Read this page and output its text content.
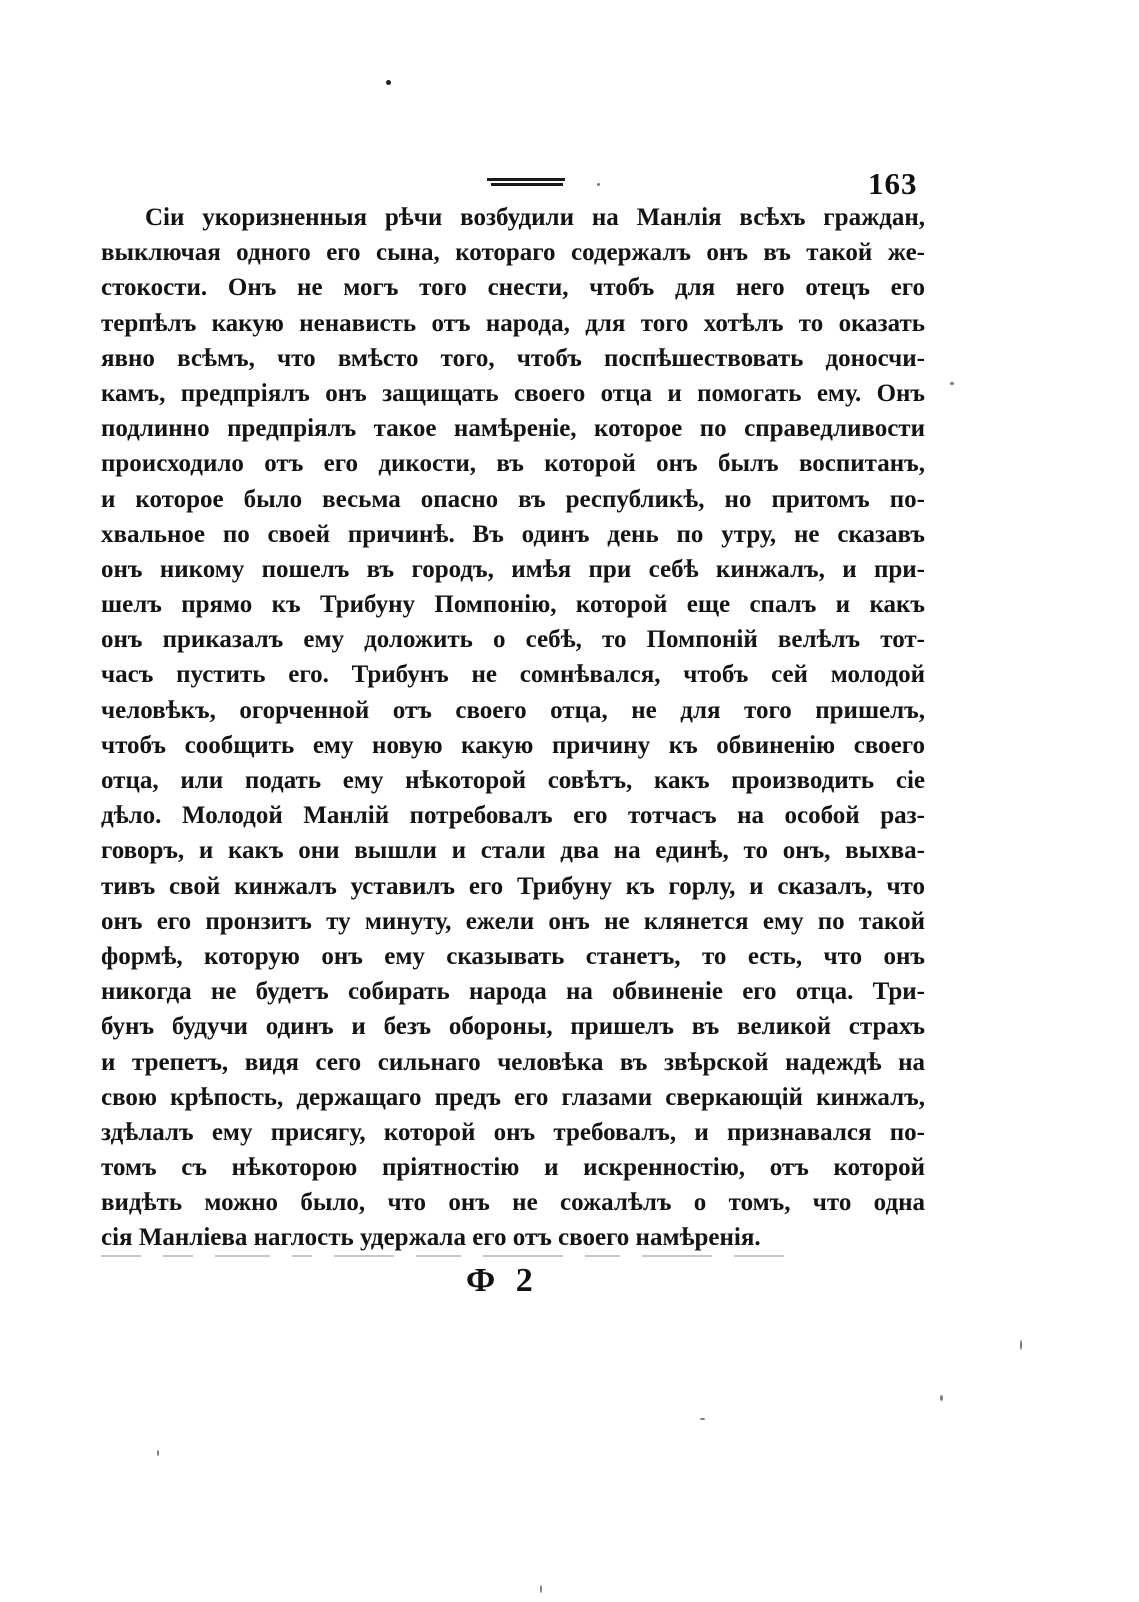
163
Сіи укоризненныя рѣчи возбудили на Манлія всѣхъ граждан,
выключая одного его сына, котораго содержалъ онъ въ такой же-
стокости. Онъ не могъ того снести, чтобъ для него отецъ его
терпѣлъ какую ненависть отъ народа, для того хотѣлъ то оказать
явно всѣмъ, что вмѣсто того, чтобъ поспѣшествовать доносчи-
камъ, предпріялъ онъ защищать своего отца и помогать ему. Онъ
подлинно предпріялъ такое намѣреніе, которое по справедливости
происходило отъ его дикости, въ которой онъ былъ воспитанъ,
и которое было весьма опасно въ республикѣ, но притомъ по-
хвальное по своей причинѣ. Въ одинъ день по утру, не сказавъ
онъ никому пошелъ въ городъ, имѣя при себѣ кинжалъ, и при-
шелъ прямо къ Трибуну Помпонію, которой еще спалъ и какъ
онъ приказалъ ему доложить о себѣ, то Помпоній велѣлъ тот-
часъ пустить его. Трибунъ не сомнѣвался, чтобъ сей молодой
человѣкъ, огорченной отъ своего отца, не для того пришелъ,
чтобъ сообщить ему новую какую причину къ обвиненію своего
отца, или подать ему нѣкоторой совѣтъ, какъ производить сіе
дѣло. Молодой Манлій потребовалъ его тотчасъ на особой раз-
говоръ, и какъ они вышли и стали два на единѣ, то онъ, выхва-
тивъ свой кинжалъ уставилъ его Трибуну къ горлу, и сказалъ, что
онъ его пронзитъ ту минуту, ежели онъ не клянется ему по такой
формѣ, которую онъ ему сказывать станетъ, то есть, что онъ
никогда не будетъ собирать народа на обвиненіе его отца. Три-
бунъ будучи одинъ и безъ обороны, пришелъ въ великой страхъ
и трепетъ, видя сего сильнаго человѣка въ звѣрской надеждѣ на
свою крѣпость, держащаго предъ его глазами сверкающій кинжалъ,
здѣлалъ ему присягу, которой онъ требовалъ, и признавался по-
томъ съ нѣкоторою пріятностію и искренностію, отъ которой
видѣть можно было, что онъ не сожалѣлъ о томъ, что одна
сія Манліева наглость удержала его отъ своего намѣренія.
Ф 2
